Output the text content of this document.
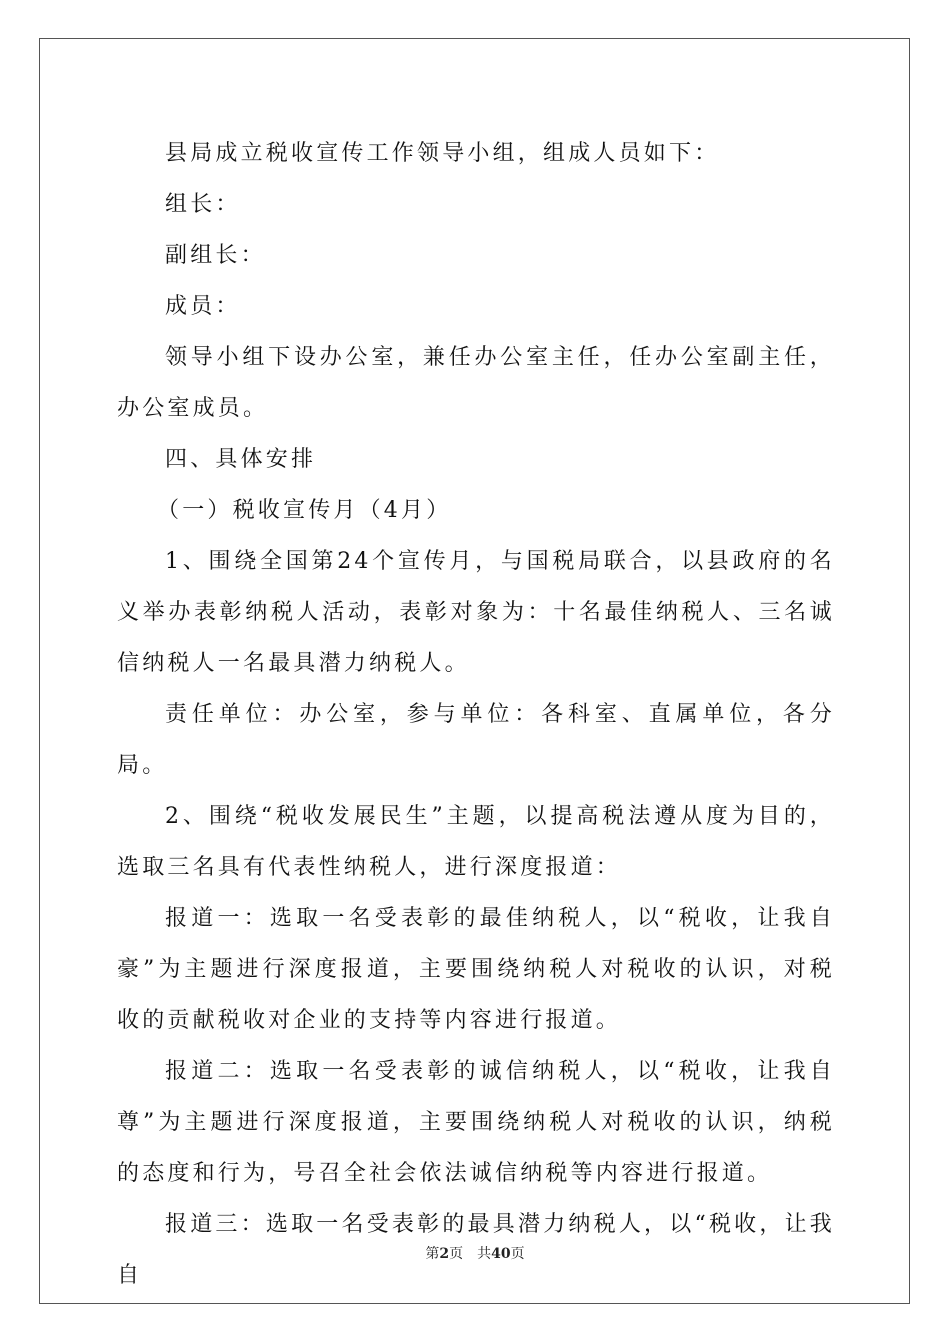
县局成立税收宣传工作领导小组，组成人员如下：

组长：

副组长：

成员：

领导小组下设办公室，兼任办公室主任，任办公室副主任，办公室成员。

四、具体安排

（一）税收宣传月（4月）

1、围绕全国第24个宣传月，与国税局联合，以县政府的名义举办表彰纳税人活动，表彰对象为：十名最佳纳税人、三名诚信纳税人一名最具潜力纳税人。

责任单位：办公室，参与单位：各科室、直属单位，各分局。

2、围绕“税收发展民生”主题，以提高税法遵从度为目的，选取三名具有代表性纳税人，进行深度报道：

报道一：选取一名受表彰的最佳纳税人，以“税收，让我自豪”为主题进行深度报道，主要围绕纳税人对税收的认识，对税收的贡献税收对企业的支持等内容进行报道。

报道二：选取一名受表彰的诚信纳税人，以“税收，让我自尊”为主题进行深度报道，主要围绕纳税人对税收的认识，纳税的态度和行为，号召全社会依法诚信纳税等内容进行报道。

报道三：选取一名受表彰的最具潜力纳税人，以“税收，让我自

第2页 共40页
